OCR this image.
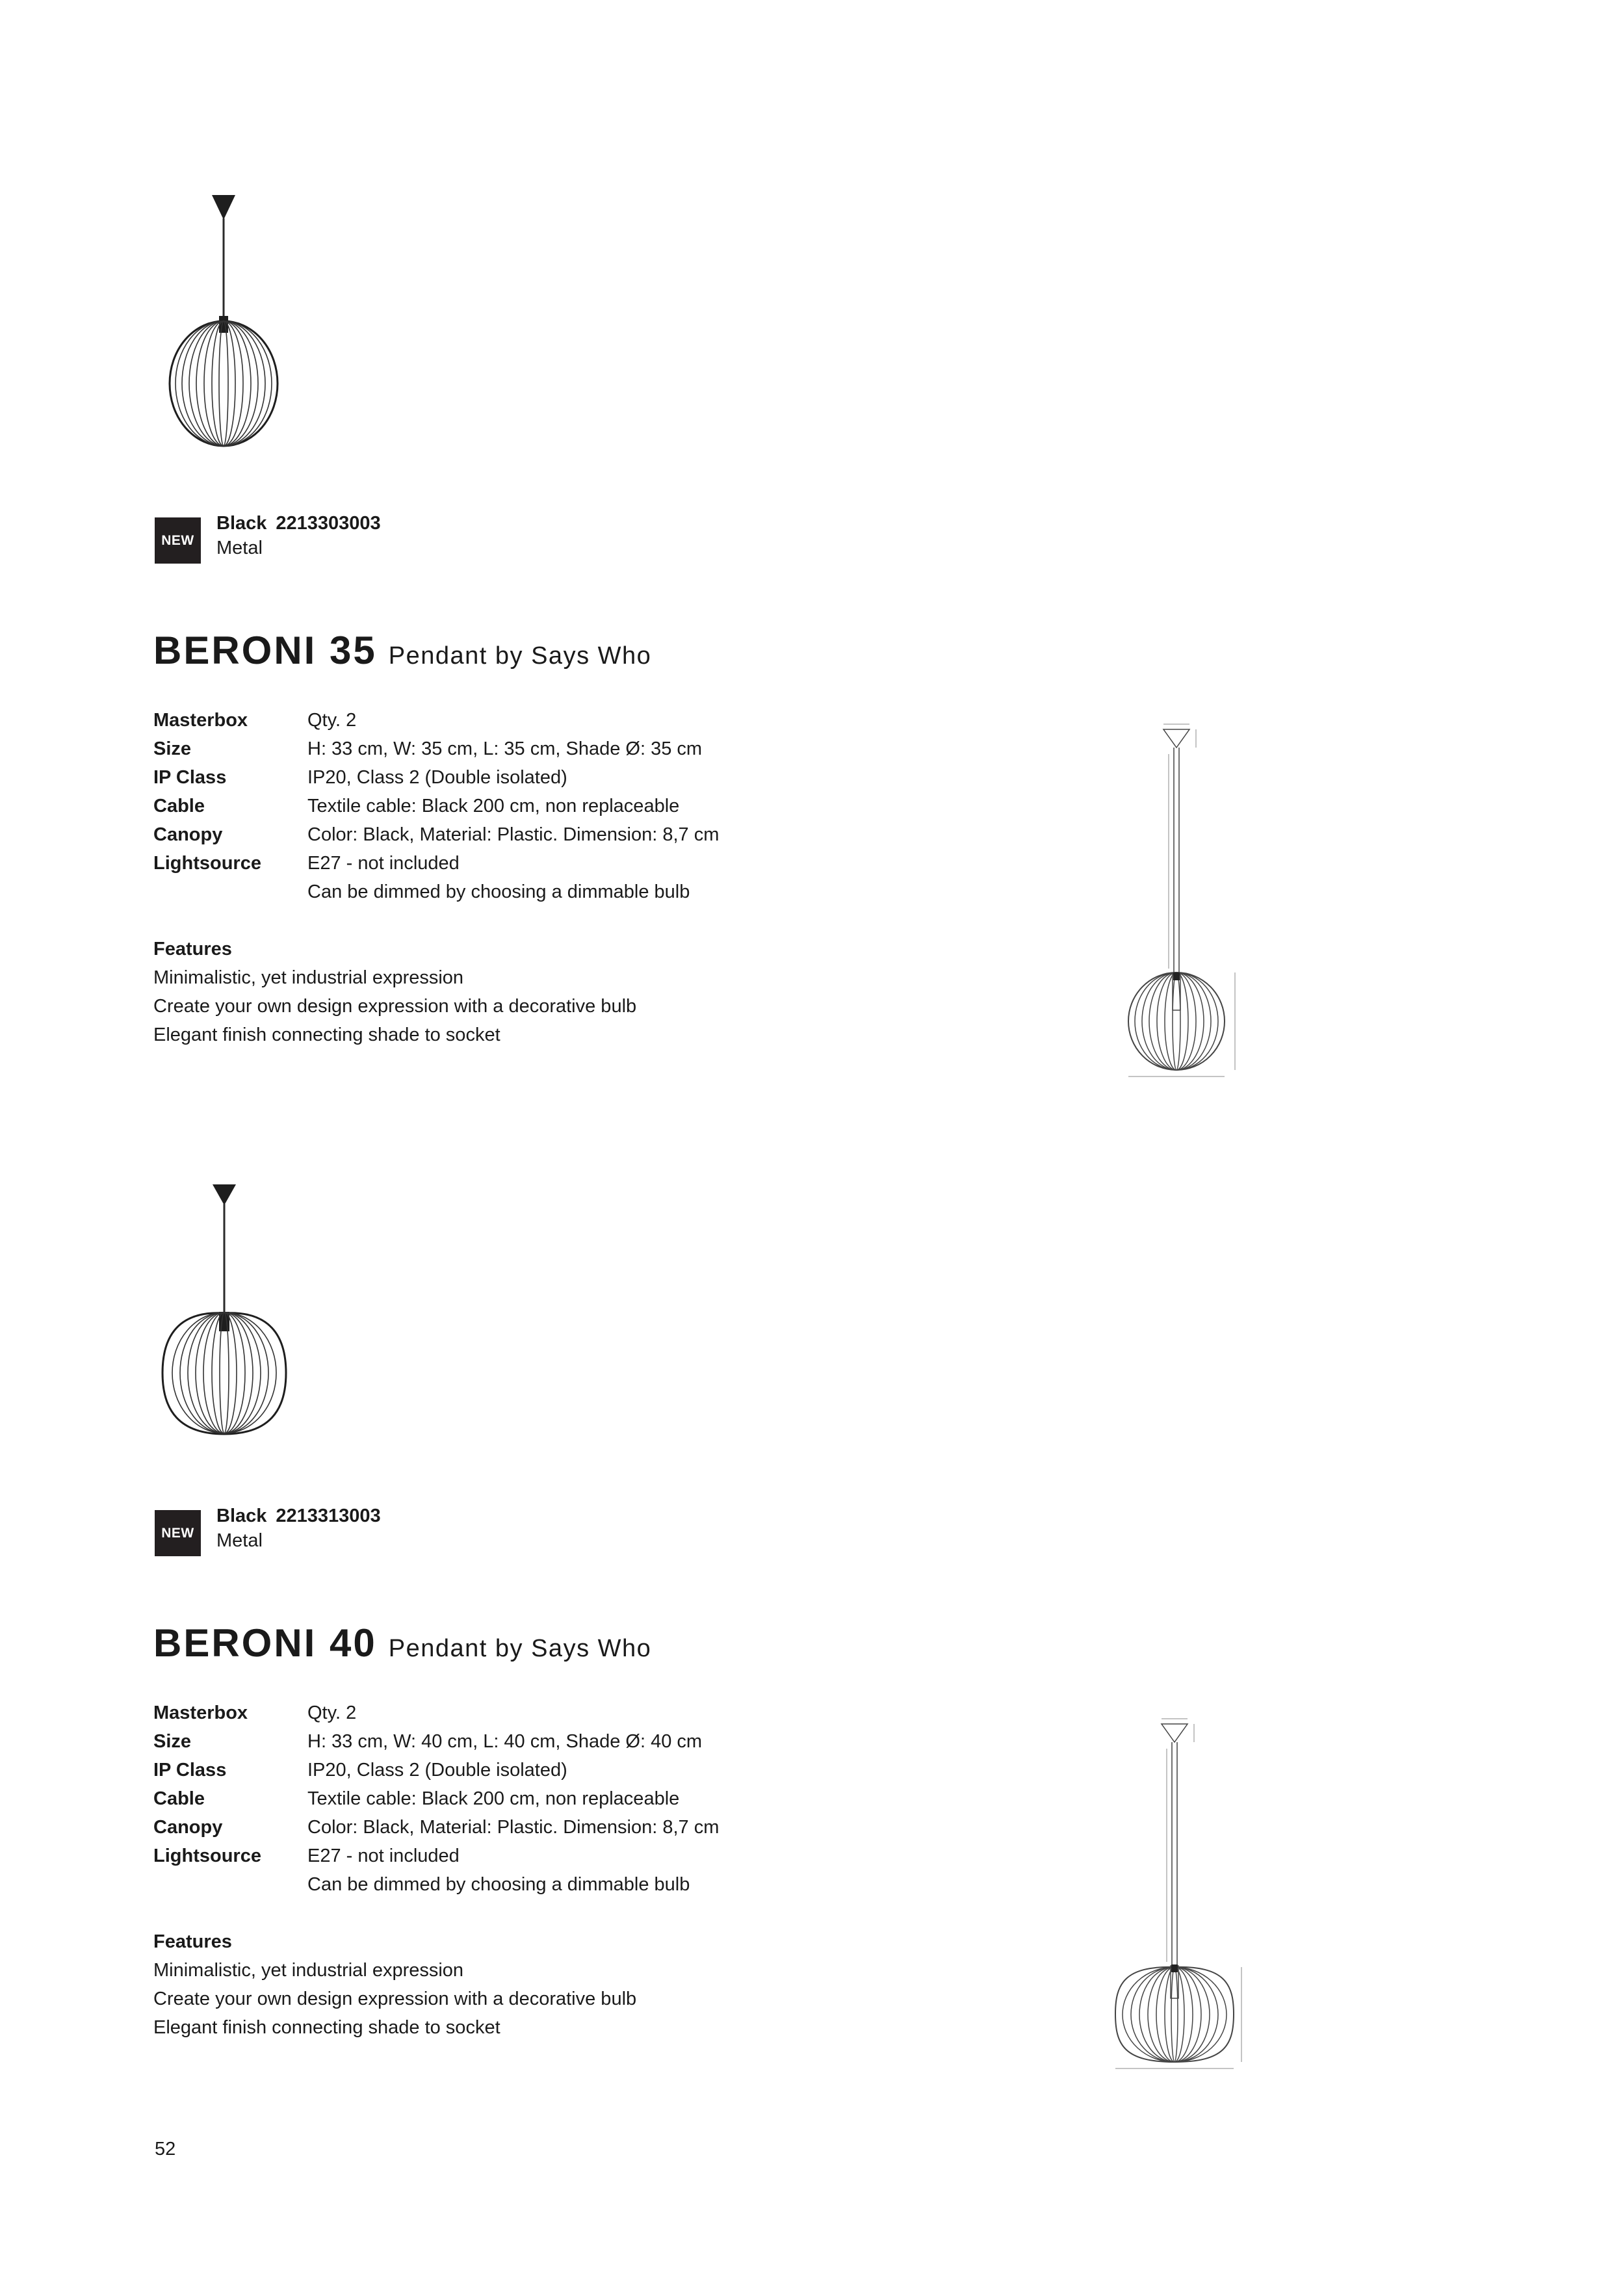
NEW
Black 2213303003
Metal
BERONI 35 Pendant by Says Who
Masterbox	Qty. 2
Size	H: 33 cm, W: 35 cm, L: 35 cm, Shade Ø: 35 cm
IP Class	IP20, Class 2 (Double isolated)
Cable	Textile cable: Black 200 cm, non replaceable
Canopy	Color: Black, Material: Plastic. Dimension: 8,7 cm
Lightsource	E27 - not included
Can be dimmed by choosing a dimmable bulb
Features
Minimalistic, yet industrial expression
Create your own design expression with a decorative bulb
Elegant finish connecting shade to socket
NEW
Black 2213313003
Metal
BERONI 40 Pendant by Says Who
Masterbox	Qty. 2
Size	H: 33 cm, W: 40 cm, L: 40 cm, Shade Ø: 40 cm
IP Class	IP20, Class 2 (Double isolated)
Cable	Textile cable: Black 200 cm, non replaceable
Canopy	Color: Black, Material: Plastic. Dimension: 8,7 cm
Lightsource	E27 - not included
Can be dimmed by choosing a dimmable bulb
Features
Minimalistic, yet industrial expression
Create your own design expression with a decorative bulb
Elegant finish connecting shade to socket
52
